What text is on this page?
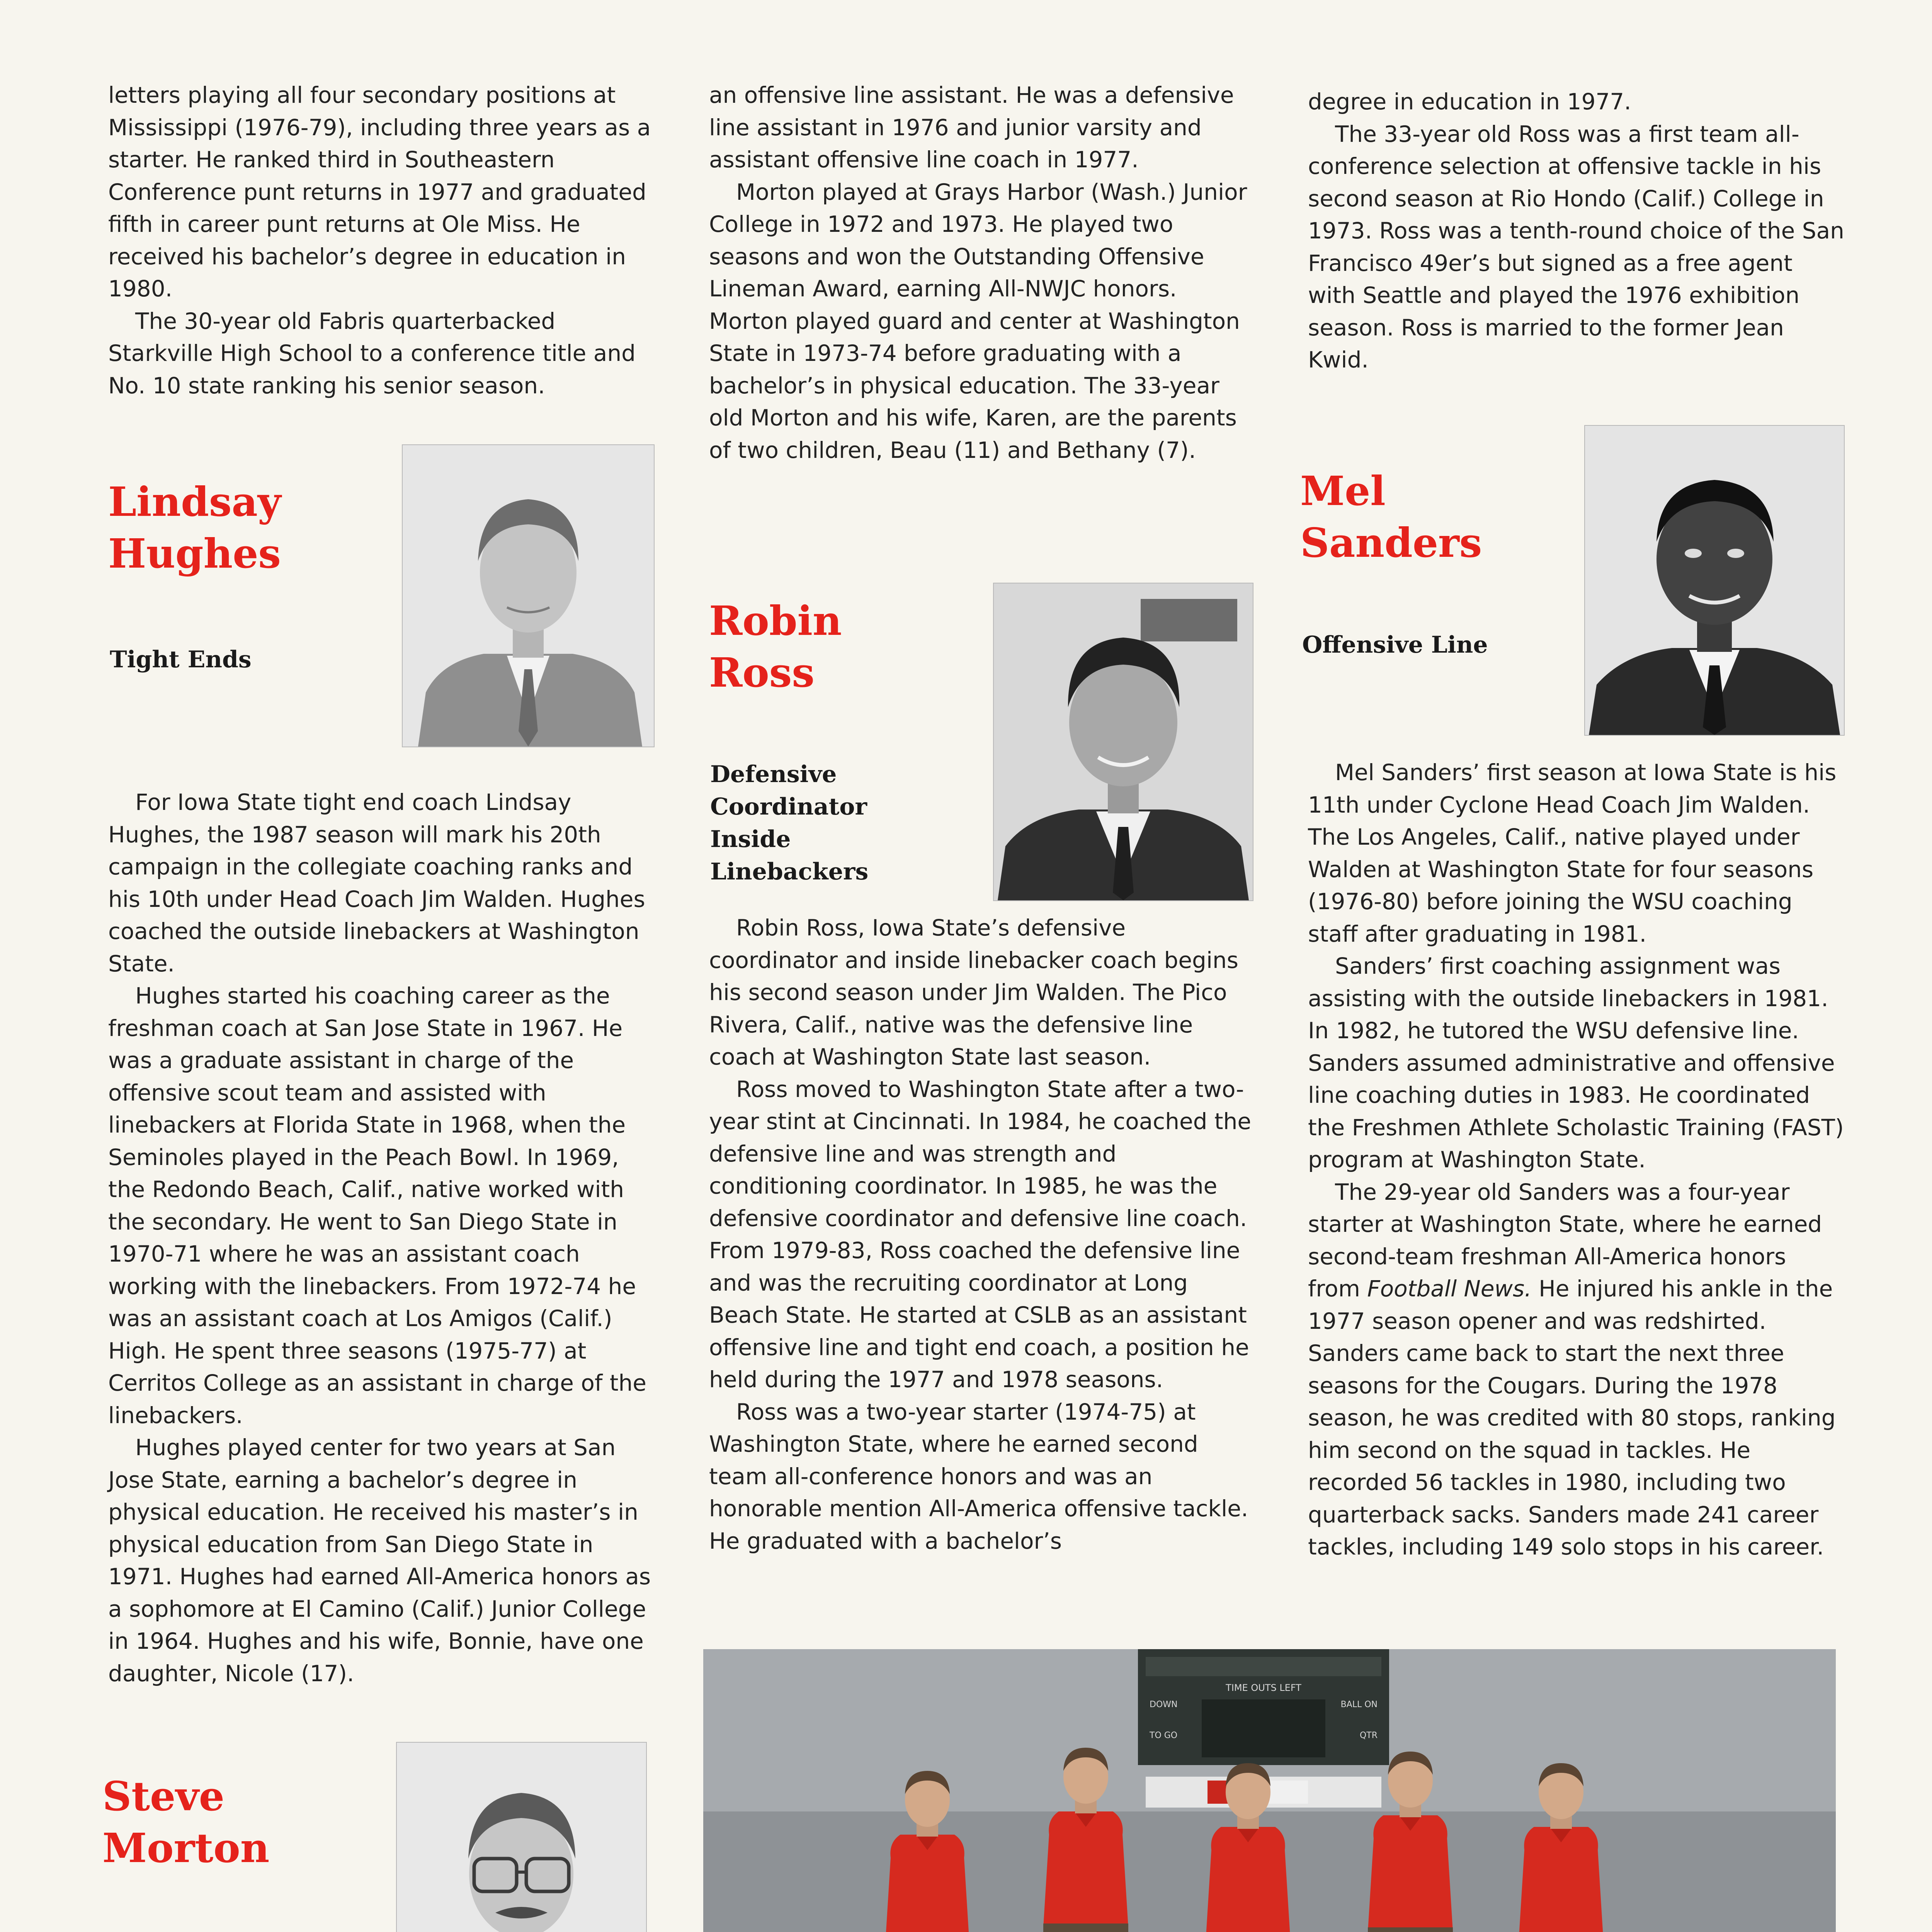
letters playing all four secondary positions at Mississippi (1976-79), including three years as a starter. He ranked third in Southeastern Conference punt returns in 1977 and graduated fifth in career punt returns at Ole Miss. He received his bachelor’s degree in education in 1980.

The 30-year old Fabris quarterbacked Starkville High School to a conference title and No. 10 state ranking his senior season.

Lindsay Hughes
Tight Ends

For Iowa State tight end coach Lindsay Hughes, the 1987 season will mark his 20th campaign in the collegiate coaching ranks and his 10th under Head Coach Jim Walden. Hughes coached the outside linebackers at Washington State.

Hughes started his coaching career as the freshman coach at San Jose State in 1967. He was a graduate assistant in charge of the offensive scout team and assisted with linebackers at Florida State in 1968, when the Seminoles played in the Peach Bowl. In 1969, the Redondo Beach, Calif., native worked with the secondary. He went to San Diego State in 1970-71 where he was an assistant coach working with the linebackers. From 1972-74 he was an assistant coach at Los Amigos (Calif.) High. He spent three seasons (1975-77) at Cerritos College as an assistant in charge of the linebackers.

Hughes played center for two years at San Jose State, earning a bachelor’s degree in physical education. He received his master’s in physical education from San Diego State in 1971. Hughes had earned All-America honors as a sophomore at El Camino (Calif.) Junior College in 1964. Hughes and his wife, Bonnie, have one daughter, Nicole (17).

Steve Morton

an offensive line assistant. He was a defensive line assistant in 1976 and junior varsity and assistant offensive line coach in 1977.

Morton played at Grays Harbor (Wash.) Junior College in 1972 and 1973. He played two seasons and won the Outstanding Offensive Lineman Award, earning All-NWJC honors. Morton played guard and center at Washington State in 1973-74 before graduating with a bachelor’s in physical education. The 33-year old Morton and his wife, Karen, are the parents of two children, Beau (11) and Bethany (7).

Robin Ross
Defensive Coordinator Inside Linebackers

Robin Ross, Iowa State’s defensive coordinator and inside linebacker coach begins his second season under Jim Walden. The Pico Rivera, Calif., native was the defensive line coach at Washington State last season.

Ross moved to Washington State after a two-year stint at Cincinnati. In 1984, he coached the defensive line and was strength and conditioning coordinator. In 1985, he was the defensive coordinator and defensive line coach. From 1979-83, Ross coached the defensive line and was the recruiting coordinator at Long Beach State. He started at CSLB as an assistant offensive line and tight end coach, a position he held during the 1977 and 1978 seasons.

Ross was a two-year starter (1974-75) at Washington State, where he earned second team all-conference honors and was an honorable mention All-America offensive tackle. He graduated with a bachelor’s

degree in education in 1977.

The 33-year old Ross was a first team all-conference selection at offensive tackle in his second season at Rio Hondo (Calif.) College in 1973. Ross was a tenth-round choice of the San Francisco 49er’s but signed as a free agent with Seattle and played the 1976 exhibition season. Ross is married to the former Jean Kwid.

Mel Sanders
Offensive Line

Mel Sanders’ first season at Iowa State is his 11th under Cyclone Head Coach Jim Walden. The Los Angeles, Calif., native played under Walden at Washington State for four seasons (1976-80) before joining the WSU coaching staff after graduating in 1981.

Sanders’ first coaching assignment was assisting with the outside linebackers in 1981. In 1982, he tutored the WSU defensive line. Sanders assumed administrative and offensive line coaching duties in 1983. He coordinated the Freshmen Athlete Scholastic Training (FAST) program at Washington State.

The 29-year old Sanders was a four-year starter at Washington State, where he earned second-team freshman All-America honors from Football News. He injured his ankle in the 1977 season opener and was redshirted. Sanders came back to start the next three seasons for the Cougars. During the 1978 season, he was credited with 80 stops, ranking him second on the squad in tackles. He recorded 56 tackles in 1980, including two quarterback sacks. Sanders made 241 career tackles, including 149 solo stops in his career.

TIME OUTS LEFT
DOWN
TO GO
BALL ON
QTR
